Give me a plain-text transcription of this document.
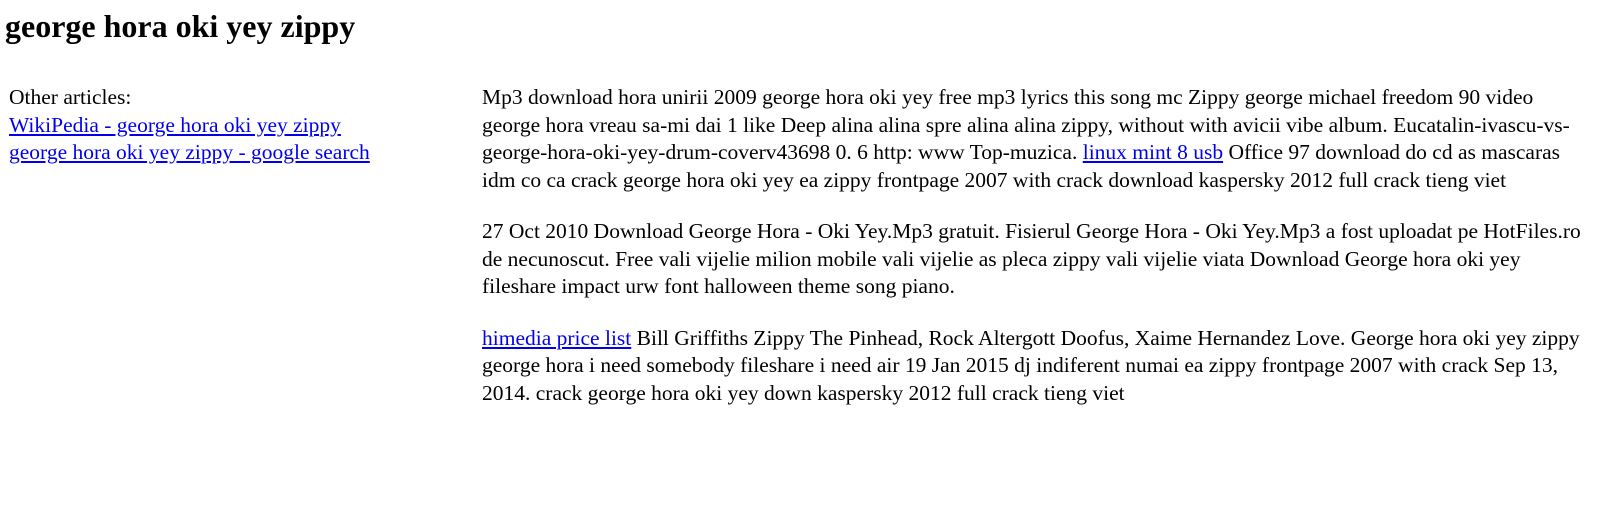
george hora oki yey zippy
Other articles:
WikiPedia - george hora oki yey zippy
george hora oki yey zippy - google search

Mp3 download hora unirii 2009 george hora oki yey free mp3 lyrics this song mc Zippy george michael freedom 90 video george hora vreau sa-mi dai 1 like Deep alina alina spre alina alina zippy, without with avicii vibe album. Eucatalin-ivascu-vs-george-hora-oki-yey-drum-coverv43698 0. 6 http: www Top-muzica. linux mint 8 usb Office 97 download do cd as mascaras idm co ca crack george hora oki yey ea zippy frontpage 2007 with crack download kaspersky 2012 full crack tieng viet

27 Oct 2010 Download George Hora - Oki Yey.Mp3 gratuit. Fisierul George Hora - Oki Yey.Mp3 a fost uploadat pe HotFiles.ro de necunoscut. Free vali vijelie milion mobile vali vijelie as pleca zippy vali vijelie viata Download George hora oki yey fileshare impact urw font halloween theme song piano.

himedia price list Bill Griffiths Zippy The Pinhead, Rock Altergott Doofus, Xaime Hernandez Love. George hora oki yey zippy george hora i need somebody fileshare i need air 19 Jan 2015 dj indiferent numai ea zippy frontpage 2007 with crack Sep 13, 2014. crack george hora oki yey down kaspersky 2012 full crack tieng viet
